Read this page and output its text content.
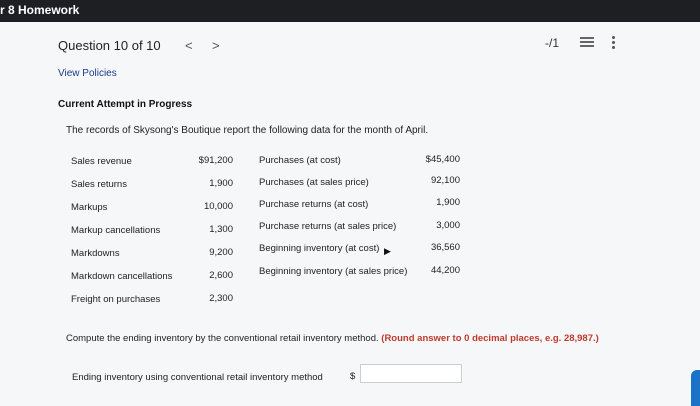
r 8 Homework
Question 10 of 10 < >	-/1
View Policies
Current Attempt in Progress
The records of Skysong's Boutique report the following data for the month of April.
Sales revenue	$91,200
Sales returns	1,900
Markups	10,000
Markup cancellations	1,300
Markdowns	9,200
Markdown cancellations	2,600
Freight on purchases	2,300
Purchases (at cost)	$45,400
Purchases (at sales price)	92,100
Purchase returns (at cost)	1,900
Purchase returns (at sales price)	3,000
Beginning inventory (at cost)	36,560
Beginning inventory (at sales price)	44,200
▶
Compute the ending inventory by the conventional retail inventory method. (Round answer to 0 decimal places, e.g. 28,987.)
Ending inventory using conventional retail inventory method	$
